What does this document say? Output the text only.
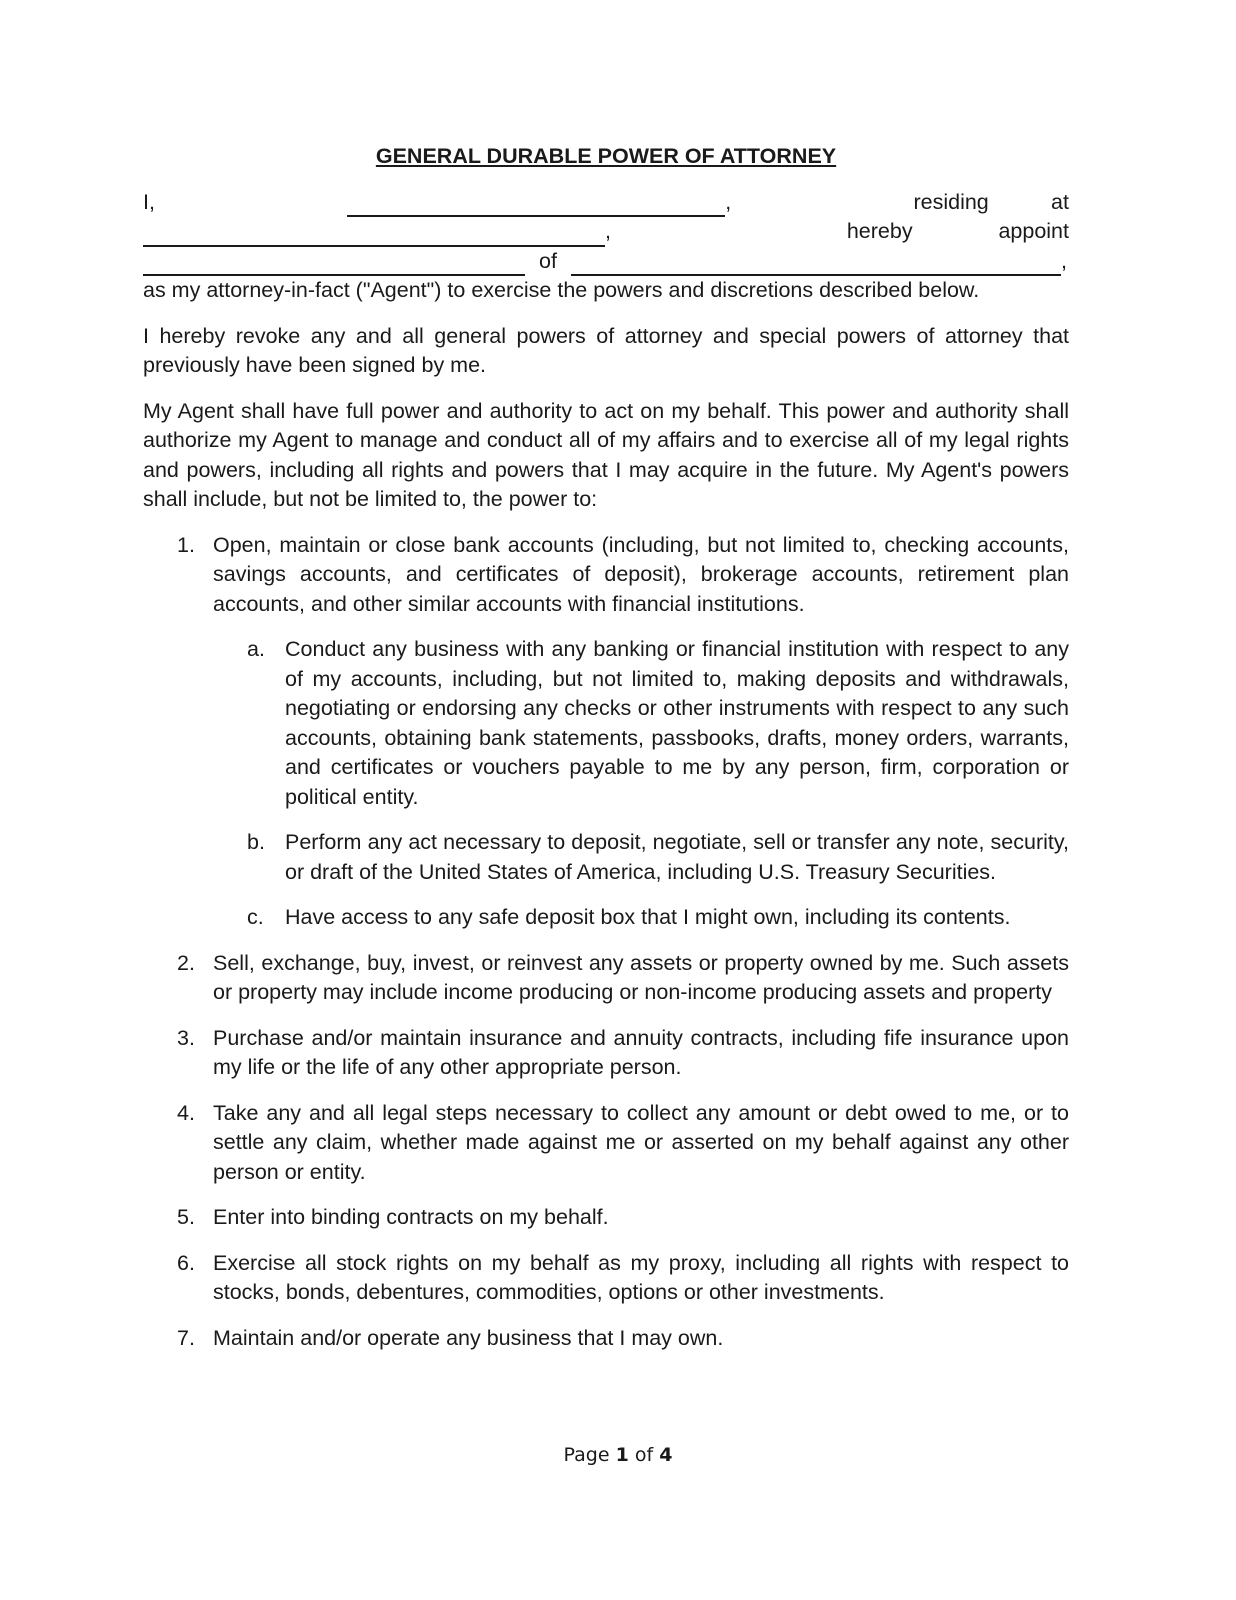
GENERAL DURABLE POWER OF ATTORNEY
I,	,	residing	at
,	hereby	appoint
of	,

as my attorney-in-fact ("Agent") to exercise the powers and discretions described below.

I hereby revoke any and all general powers of attorney and special powers of attorney that previously have been signed by me.

My Agent shall have full power and authority to act on my behalf. This power and authority shall authorize my Agent to manage and conduct all of my affairs and to exercise all of my legal rights and powers, including all rights and powers that I may acquire in the future. My Agent's powers shall include, but not be limited to, the power to:

1. Open, maintain or close bank accounts (including, but not limited to, checking accounts, savings accounts, and certificates of deposit), brokerage accounts, retirement plan accounts, and other similar accounts with financial institutions.
a. Conduct any business with any banking or financial institution with respect to any of my accounts, including, but not limited to, making deposits and withdrawals, negotiating or endorsing any checks or other instruments with respect to any such accounts, obtaining bank statements, passbooks, drafts, money orders, warrants, and certificates or vouchers payable to me by any person, firm, corporation or political entity.
b. Perform any act necessary to deposit, negotiate, sell or transfer any note, security, or draft of the United States of America, including U.S. Treasury Securities.
c. Have access to any safe deposit box that I might own, including its contents.
2. Sell, exchange, buy, invest, or reinvest any assets or property owned by me. Such assets or property may include income producing or non-income producing assets and property
3. Purchase and/or maintain insurance and annuity contracts, including fife insurance upon my life or the life of any other appropriate person.
4. Take any and all legal steps necessary to collect any amount or debt owed to me, or to settle any claim, whether made against me or asserted on my behalf against any other person or entity.
5. Enter into binding contracts on my behalf.
6. Exercise all stock rights on my behalf as my proxy, including all rights with respect to stocks, bonds, debentures, commodities, options or other investments.
7. Maintain and/or operate any business that I may own.
Page 1 of 4
